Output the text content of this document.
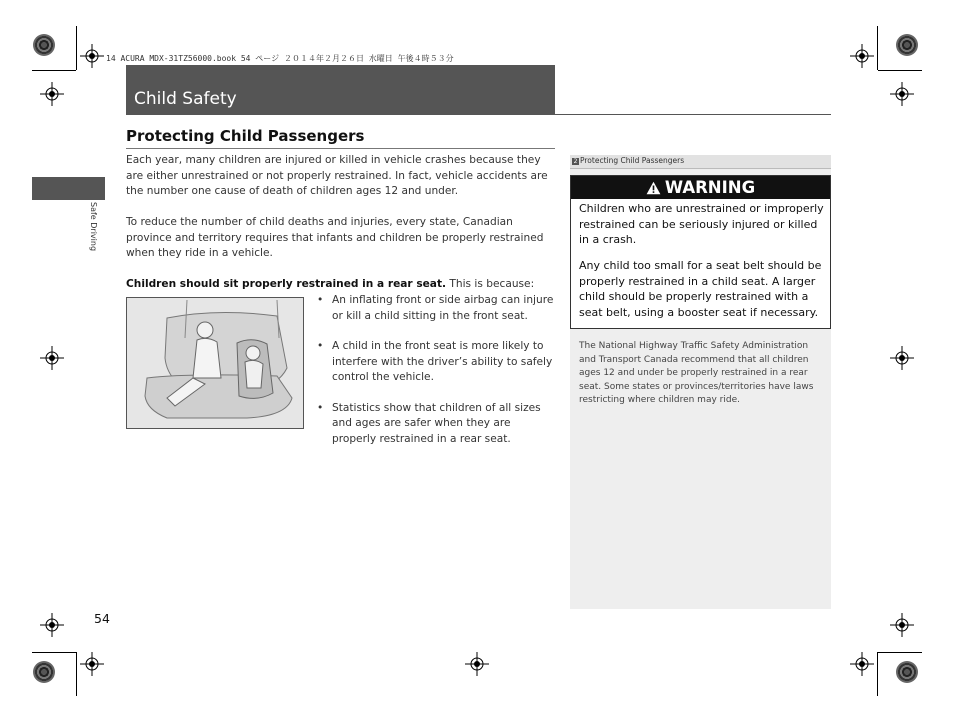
14 ACURA MDX-31TZ56000.book 54 ページ ２０１４年２月２６日 水曜日 午後４時５３分
Child Safety
Safe Driving
Protecting Child Passengers

Each year, many children are injured or killed in vehicle crashes because they are either unrestrained or not properly restrained. In fact, vehicle accidents are the number one cause of death of children ages 12 and under.

To reduce the number of child deaths and injuries, every state, Canadian province and territory requires that infants and children be properly restrained when they ride in a vehicle.

Children should sit properly restrained in a rear seat. This is because:
• An inflating front or side airbag can injure or kill a child sitting in the front seat.
• A child in the front seat is more likely to interfere with the driver’s ability to safely control the vehicle.
• Statistics show that children of all sizes and ages are safer when they are properly restrained in a rear seat.
2 Protecting Child Passengers
WARNING

Children who are unrestrained or improperly restrained can be seriously injured or killed in a crash.

Any child too small for a seat belt should be properly restrained in a child seat. A larger child should be properly restrained with a seat belt, using a booster seat if necessary.

The National Highway Traffic Safety Administration and Transport Canada recommend that all children ages 12 and under be properly restrained in a rear seat. Some states or provinces/territories have laws restricting where children may ride.

54
